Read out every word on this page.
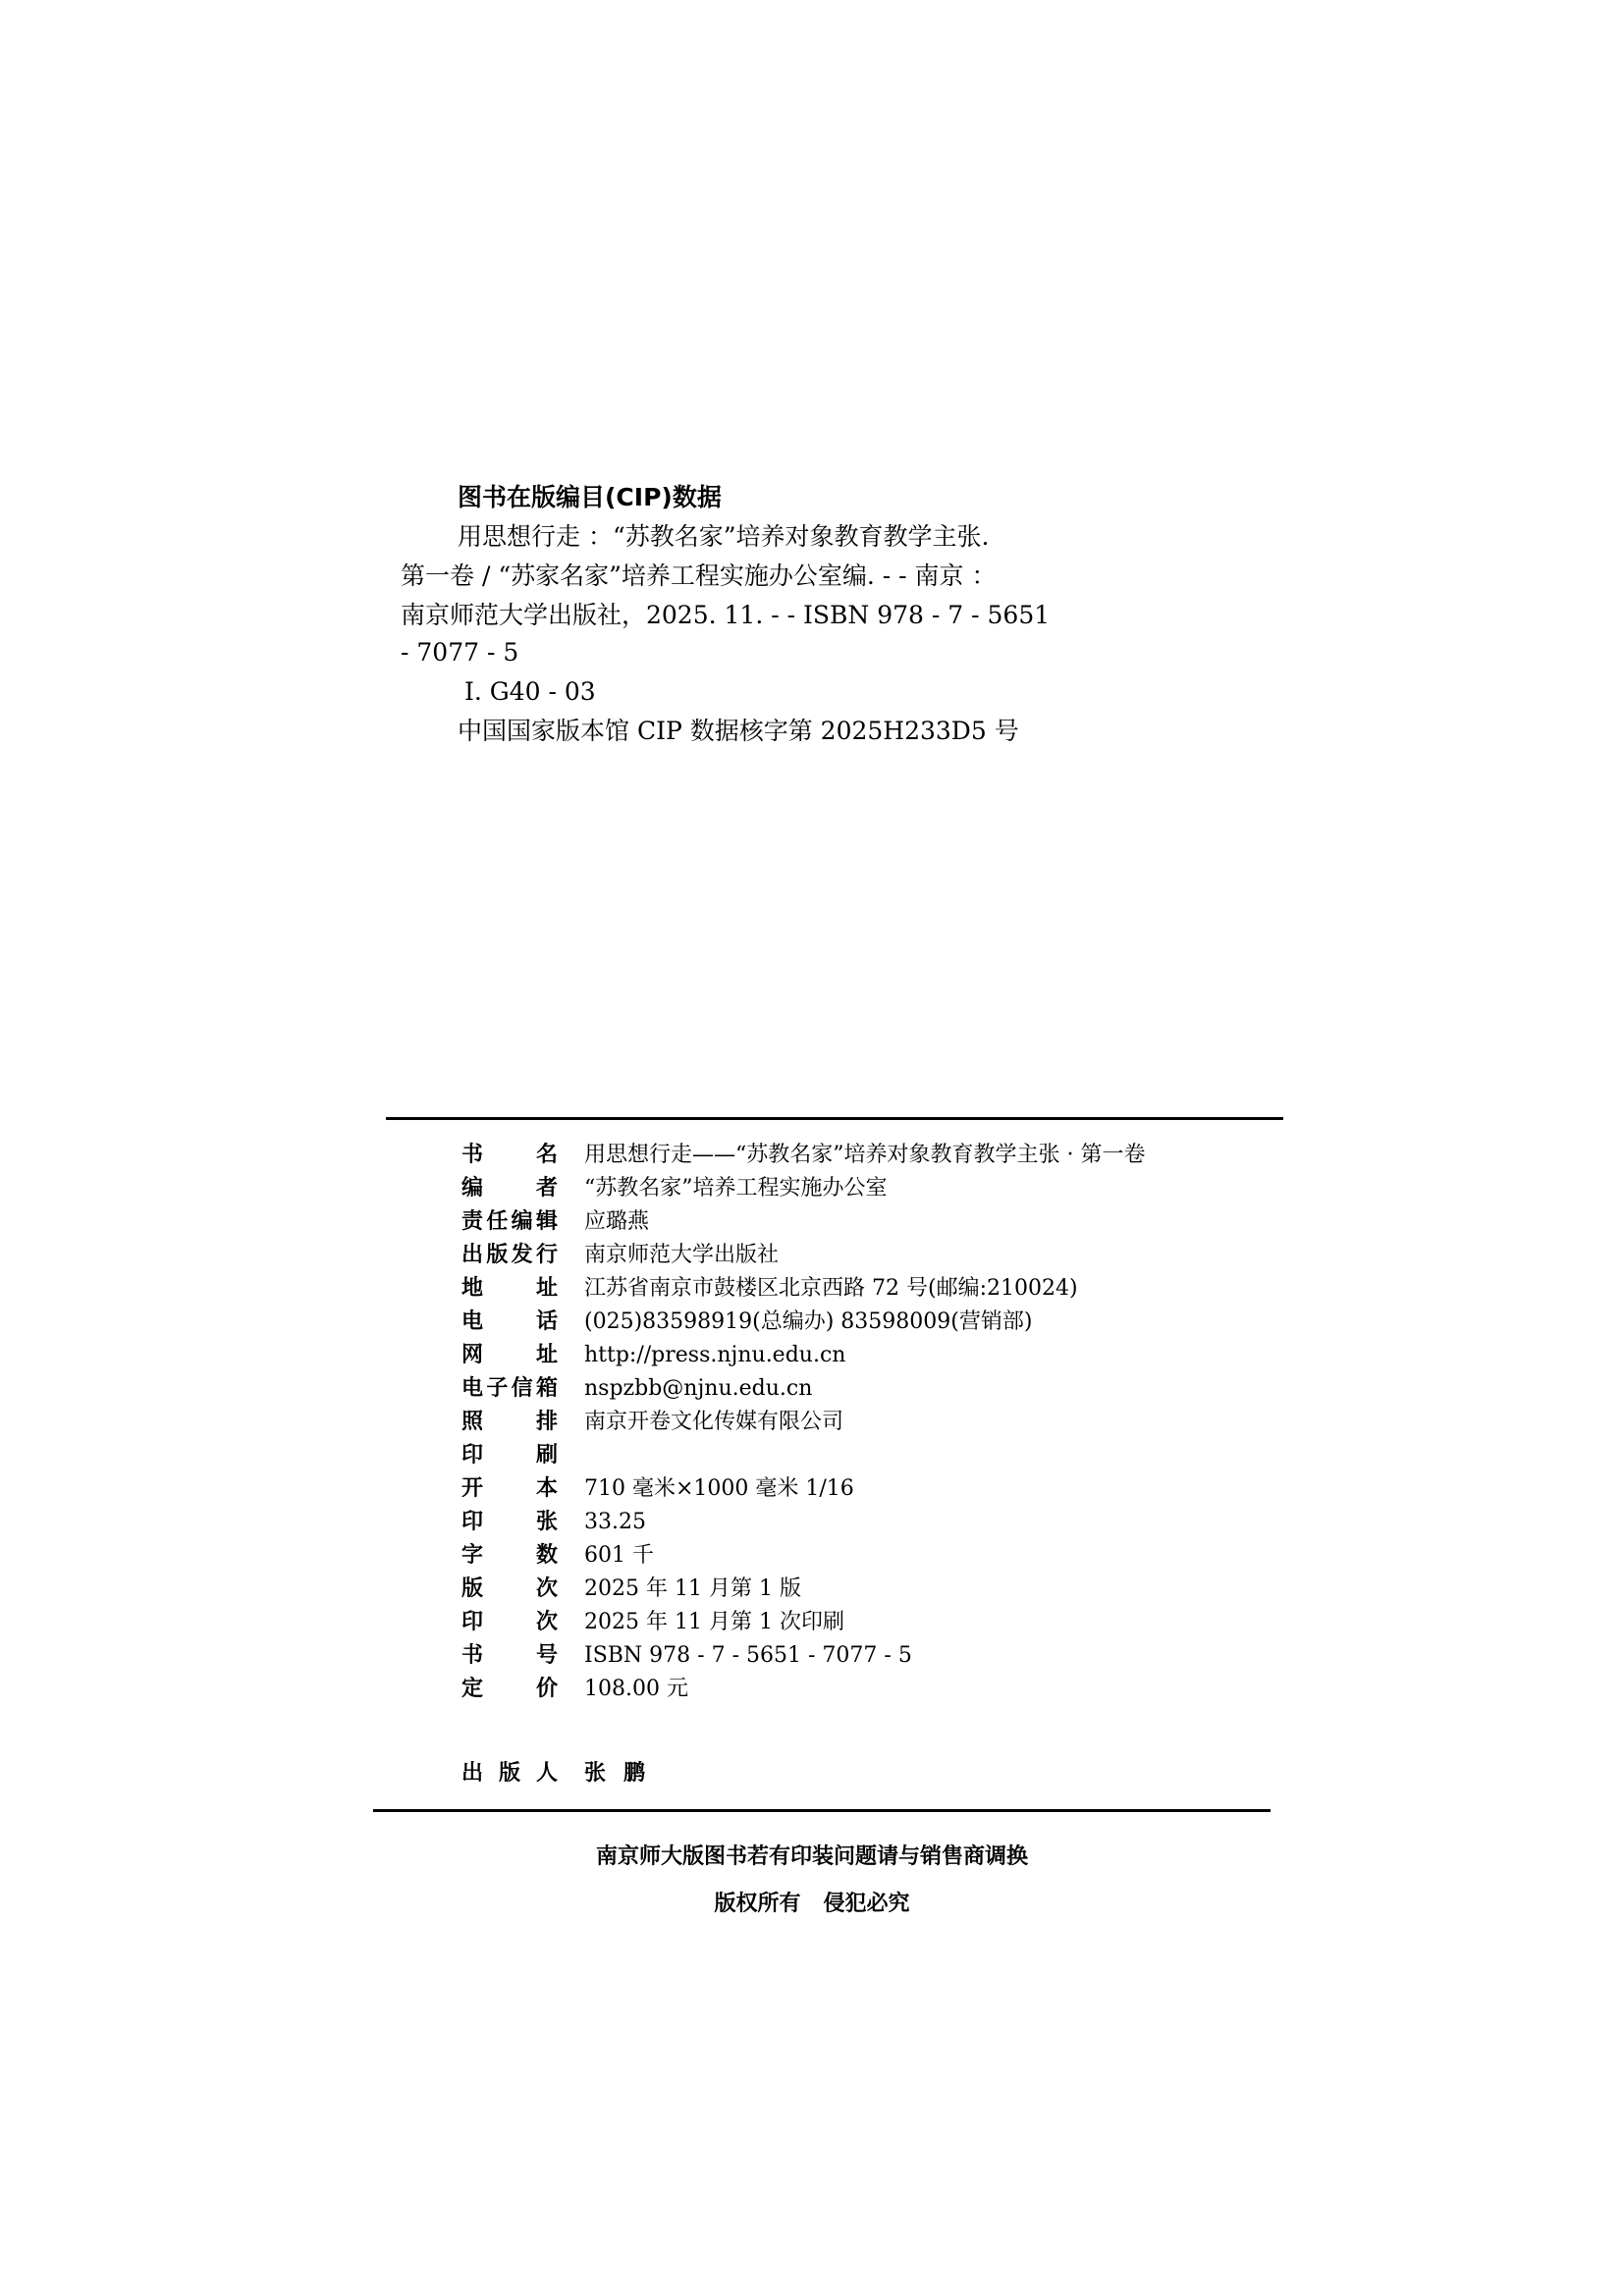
图书在版编目(CIP)数据
用思想行走 ：“苏教名家”培养对象教育教学主张.
第一卷 / “苏家名家”培养工程实施办公室编. - - 南京 ：
南京师范大学出版社，2025. 11. - - ISBN 978 - 7 - 5651
- 7077 - 5
Ⅰ. G40 - 03
中国国家版本馆 CIP 数据核字第 2025H233D5 号
书名 用思想行走——“苏教名家”培养对象教育教学主张 · 第一卷
编者 “苏教名家”培养工程实施办公室
责任编辑 应璐燕
出版发行 南京师范大学出版社
地址 江苏省南京市鼓楼区北京西路 72 号(邮编:210024)
电话 (025)83598919(总编办) 83598009(营销部)
网址 http://press.njnu.edu.cn
电子信箱 nspzbb@njnu.edu.cn
照排 南京开卷文化传媒有限公司
印刷
开本 710 毫米×1000 毫米 1/16
印张 33.25
字数 601 千
版次 2025 年 11 月第 1 版
印次 2025 年 11 月第 1 次印刷
书号 ISBN 978 - 7 - 5651 - 7077 - 5
定价 108.00 元
出版人 张鹏
南京师大版图书若有印装问题请与销售商调换
版权所有   侵犯必究
